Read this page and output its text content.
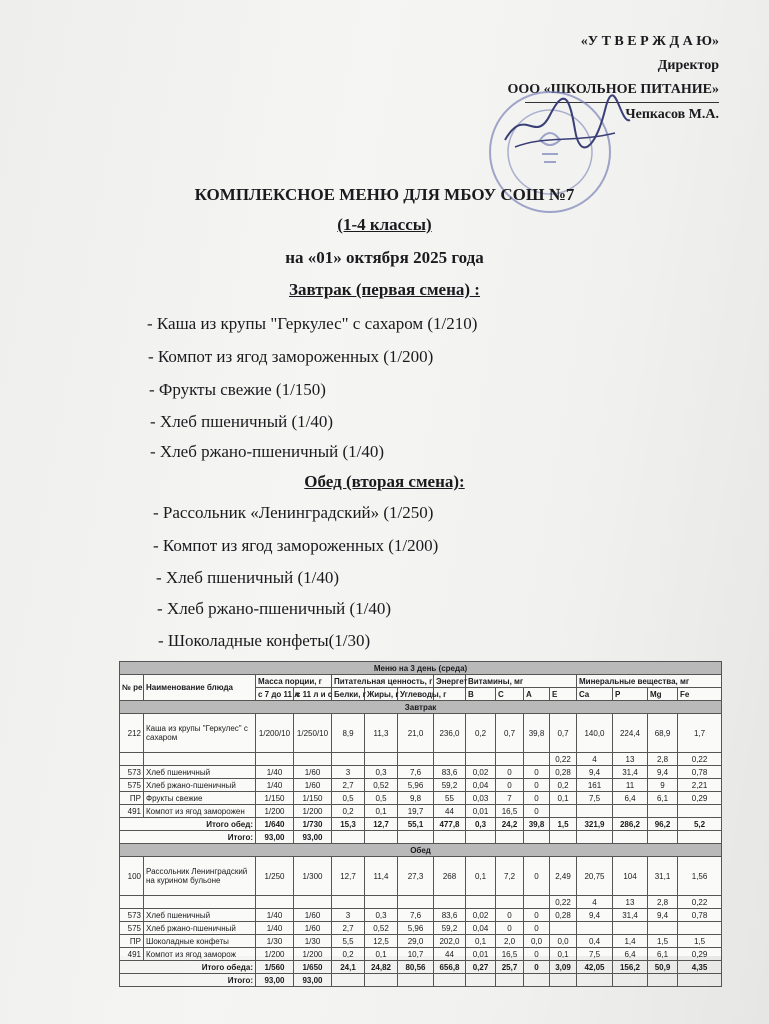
«У Т В Е Р Ж Д А Ю»
Директор
ООО «ШКОЛЬНОЕ ПИТАНИЕ»
Чепкасов М.А.
КОМПЛЕКСНОЕ МЕНЮ ДЛЯ МБОУ СОШ №7
(1-4 классы)
на «01» октября 2025 года
Завтрак (первая смена) :
- Каша из крупы "Геркулес" с сахаром (1/210)
- Компот из ягод замороженных (1/200)
- Фрукты свежие (1/150)
- Хлеб пшеничный (1/40)
- Хлеб ржано-пшеничный (1/40)
Обед (вторая смена):
- Рассольник «Ленинградский» (1/250)
- Компот из ягод замороженных (1/200)
- Хлеб пшеничный (1/40)
- Хлеб ржано-пшеничный (1/40)
- Шоколадные конфеты(1/30)
Меню на 3 день (среда)															
№ ре	Наименование блюда	Масса порции, г		Питательная ценность, г			Энергет	Витамины, мг				Минеральные вещества, мг			
		с 7 до 11 л	с 11 л и с	Белки, г	Жиры, г	Углеводы, г		B	C	A	E	Ca	P	Mg	Fe
Завтрак															
212	Каша из крупы "Геркулес" с сахаром	1/200/10	1/250/10	8,9	11,3	21,0	236,0	0,2	0,7	39,8	0,7	140,0	224,4	68,9	1,7
											0,22	4	13	2,8	0,22
573	Хлеб пшеничный	1/40	1/60	3	0,3	7,6	83,6	0,02	0	0	0,28	9,4	31,4	9,4	0,78
575	Хлеб ржано-пшеничный	1/40	1/60	2,7	0,52	5,96	59,2	0,04	0	0	0,2	161	11	9	2,21
ПР	Фрукты свежие	1/150	1/150	0,5	0,5	9,8	55	0,03	7	0	0,1	7,5	6,4	6,1	0,29
491	Компот из ягод заморожен	1/200	1/200	0,2	0,1	19,7	44	0,01	16,5	0					
Итого обед:		1/640	1/730	15,3	12,7	55,1	477,8	0,3	24,2	39,8	1,5	321,9	286,2	96,2	5,2
Итого:		93,00	93,00												
Обед															
100	Рассольник Ленинградский на курином бульоне	1/250	1/300	12,7	11,4	27,3	268	0,1	7,2	0	2,49	20,75	104	31,1	1,56
											0,22	4	13	2,8	0,22
573	Хлеб пшеничный	1/40	1/60	3	0,3	7,6	83,6	0,02	0	0	0,28	9,4	31,4	9,4	0,78
575	Хлеб ржано-пшеничный	1/40	1/60	2,7	0,52	5,96	59,2	0,04	0	0					
ПР	Шоколадные конфеты	1/30	1/30	5,5	12,5	29,0	202,0	0,1	2,0	0,0	0,0	0,4	1,4	1,5	1,5
491	Компот из ягод заморож	1/200	1/200	0,2	0,1	10,7	44	0,01	16,5	0	0,1	7,5	6,4	6,1	0,29
Итого обеда:		1/560	1/650	24,1	24,82	80,56	656,8	0,27	25,7	0	3,09	42,05	156,2	50,9	4,35
Итого:		93,00	93,00												
